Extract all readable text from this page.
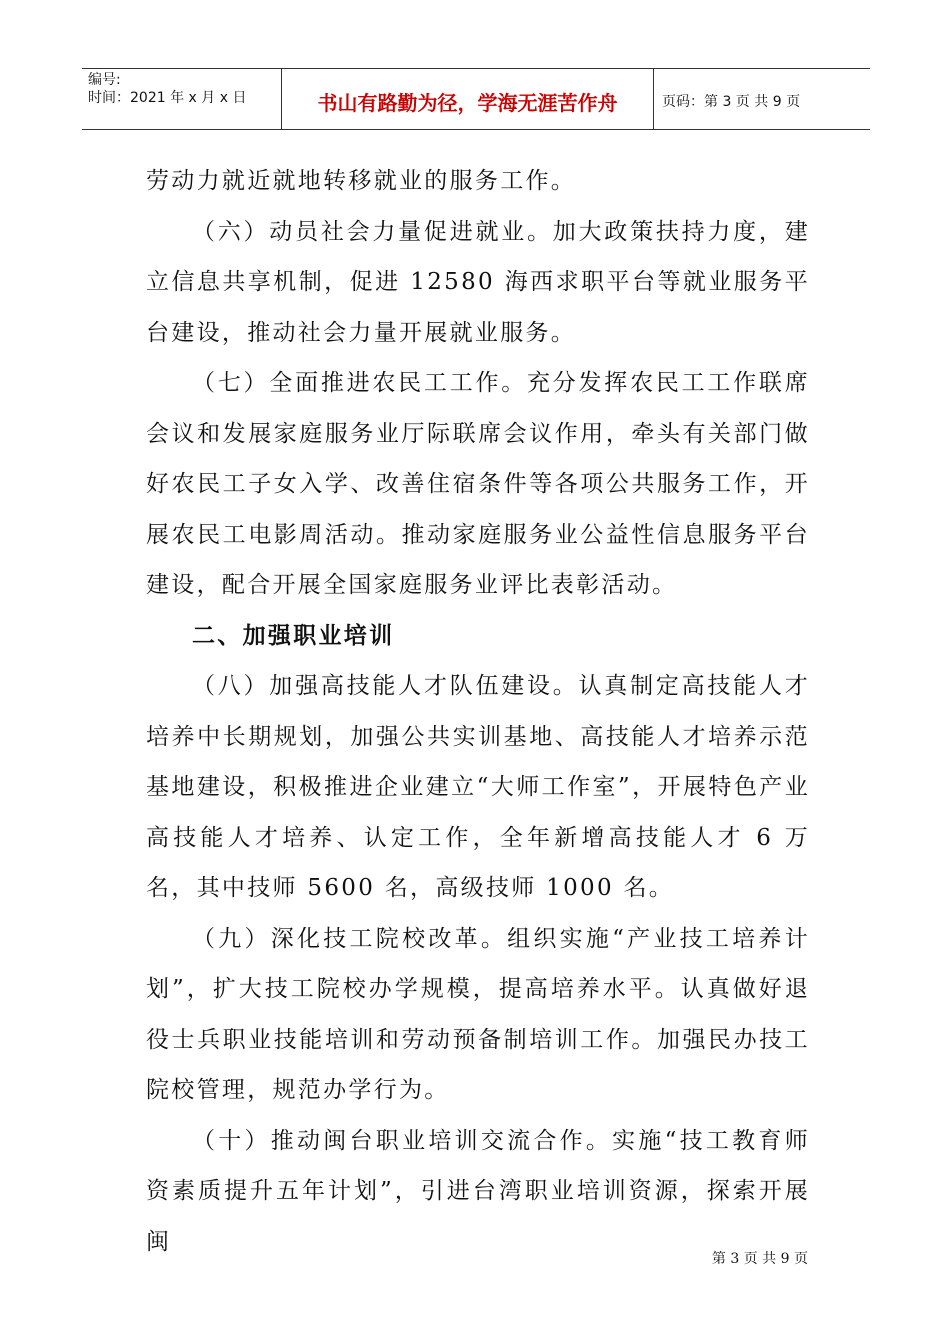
编号:
时间：2021 年 x 月 x 日	书山有路勤为径，学海无涯苦作舟	页码：第 3 页 共 9 页

劳动力就近就地转移就业的服务工作。

（六）动员社会力量促进就业。加大政策扶持力度，建立信息共享机制，促进 12580 海西求职平台等就业服务平台建设，推动社会力量开展就业服务。

（七）全面推进农民工工作。充分发挥农民工工作联席会议和发展家庭服务业厅际联席会议作用，牵头有关部门做好农民工子女入学、改善住宿条件等各项公共服务工作，开展农民工电影周活动。推动家庭服务业公益性信息服务平台建设，配合开展全国家庭服务业评比表彰活动。

二、加强职业培训

（八）加强高技能人才队伍建设。认真制定高技能人才培养中长期规划，加强公共实训基地、高技能人才培养示范基地建设，积极推进企业建立“大师工作室”，开展特色产业高技能人才培养、认定工作，全年新增高技能人才 6 万名，其中技师 5600 名，高级技师 1000 名。

（九）深化技工院校改革。组织实施“产业技工培养计划”，扩大技工院校办学规模，提高培养水平。认真做好退役士兵职业技能培训和劳动预备制培训工作。加强民办技工院校管理，规范办学行为。

（十）推动闽台职业培训交流合作。实施“技工教育师资素质提升五年计划”，引进台湾职业培训资源，探索开展闽

第 3 页 共 9 页
